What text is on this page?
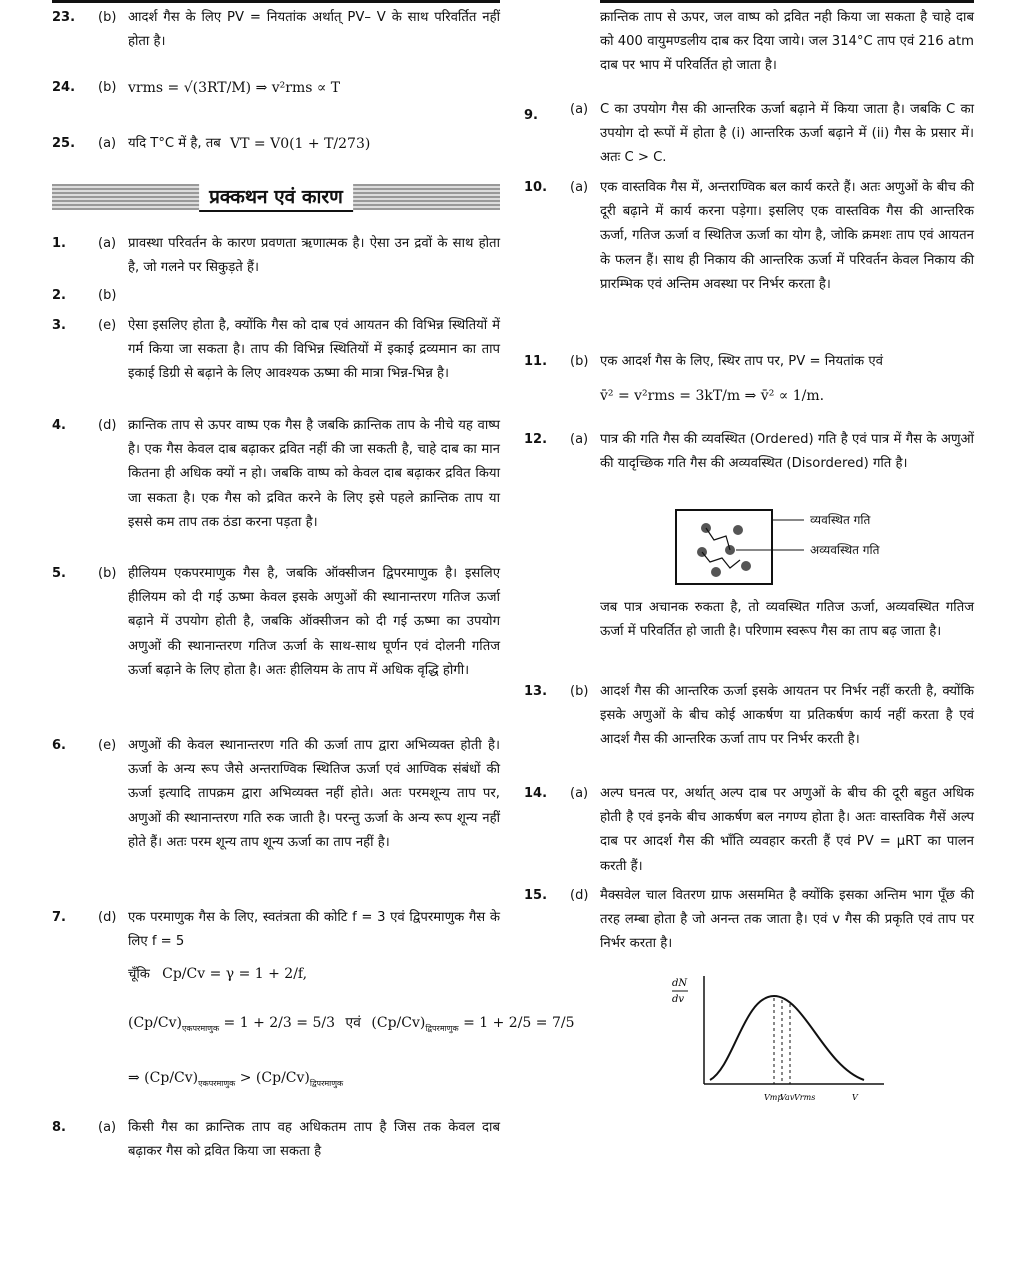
23. (b) आदर्श गैस के लिए PV = नियतांक अर्थात् PV– V के साथ परिवर्तित नहीं होता है।
24. (b) vrms = √(3RT/M) ⇒ v²rms ∝ T
25. (a) यदि T°C में है, तब VT = V0(1 + T/273)
प्रक्कथन एवं कारण
1. (a) प्रावस्था परिवर्तन के कारण प्रवणता ऋणात्मक है। ऐसा उन द्रवों के साथ होता है, जो गलने पर सिकुड़ते हैं।
2. (b)
3. (e) ऐसा इसलिए होता है, क्योंकि गैस को दाब एवं आयतन की विभिन्न स्थितियों में गर्म किया जा सकता है। ताप की विभिन्न स्थितियों में इकाई द्रव्यमान का ताप इकाई डिग्री से बढ़ाने के लिए आवश्यक ऊष्मा की मात्रा भिन्न-भिन्न है।
4. (d) क्रान्तिक ताप से ऊपर वाष्प एक गैस है जबकि क्रान्तिक ताप के नीचे यह वाष्प है। एक गैस केवल दाब बढ़ाकर द्रवित नहीं की जा सकती है, चाहे दाब का मान कितना ही अधिक क्यों न हो। जबकि वाष्प को केवल दाब बढ़ाकर द्रवित किया जा सकता है। एक गैस को द्रवित करने के लिए इसे पहले क्रान्तिक ताप या इससे कम ताप तक ठंडा करना पड़ता है।
5. (b) हीलियम एकपरमाणुक गैस है, जबकि ऑक्सीजन द्विपरमाणुक है। इसलिए हीलियम को दी गई ऊष्मा केवल इसके अणुओं की स्थानान्तरण गतिज ऊर्जा बढ़ाने में उपयोग होती है, जबकि ऑक्सीजन को दी गई ऊष्मा का उपयोग अणुओं की स्थानान्तरण गतिज ऊर्जा के साथ-साथ घूर्णन एवं दोलनी गतिज ऊर्जा बढ़ाने के लिए होता है। अतः हीलियम के ताप में अधिक वृद्धि होगी।
6. (e) अणुओं की केवल स्थानान्तरण गति की ऊर्जा ताप द्वारा अभिव्यक्त होती है। ऊर्जा के अन्य रूप जैसे अन्तराण्विक स्थितिज ऊर्जा एवं आण्विक संबंधों की ऊर्जा इत्यादि तापक्रम द्वारा अभिव्यक्त नहीं होते। अतः परमशून्य ताप पर, अणुओं की स्थानान्तरण गति रुक जाती है। परन्तु ऊर्जा के अन्य रूप शून्य नहीं होते हैं। अतः परम शून्य ताप शून्य ऊर्जा का ताप नहीं है।
7. (d) एक परमाणुक गैस के लिए, स्वतंत्रता की कोटि f = 3 एवं द्विपरमाणुक गैस के लिए f = 5
चूँकि Cp/Cv = γ = 1 + 2/f,
$(Cp/Cv)_{एकपरमाणुक} = 1 + 2/3 = 5/3$ एवं $(Cp/Cv)_{द्विपरमाणुक} = 1 + 2/5 = 7/5$
⇒ $(Cp/Cv)_{एकपरमाणुक} > (Cp/Cv)_{द्विपरमाणुक}$
8. (a) किसी गैस का क्रान्तिक ताप वह अधिकतम ताप है जिस तक केवल दाब बढ़ाकर गैस को द्रवित किया जा सकता है
क्रान्तिक ताप से ऊपर, जल वाष्प को द्रवित नही किया जा सकता है चाहे दाब को 400 वायुमण्डलीय दाब कर दिया जाये। जल 314°C ताप एवं 216 atm दाब पर भाप में परिवर्तित हो जाता है।
9. (a) C का उपयोग गैस की आन्तरिक ऊर्जा बढ़ाने में किया जाता है। जबकि C का उपयोग दो रूपों में होता है (i) आन्तरिक ऊर्जा बढ़ाने में (ii) गैस के प्रसार में। अतः C > C.
10. (a) एक वास्तविक गैस में, अन्तराण्विक बल कार्य करते हैं। अतः अणुओं के बीच की दूरी बढ़ाने में कार्य करना पड़ेगा। इसलिए एक वास्तविक गैस की आन्तरिक ऊर्जा, गतिज ऊर्जा व स्थितिज ऊर्जा का योग है, जोकि क्रमशः ताप एवं आयतन के फलन हैं। साथ ही निकाय की आन्तरिक ऊर्जा में परिवर्तन केवल निकाय की प्रारम्भिक एवं अन्तिम अवस्था पर निर्भर करता है।
11. (b) एक आदर्श गैस के लिए, स्थिर ताप पर, PV = नियतांक एवं
v̄² = v²rms = 3kT/m ⇒ v̄² ∝ 1/m.
12. (a) पात्र की गति गैस की व्यवस्थित (Ordered) गति है एवं पात्र में गैस के अणुओं की यादृच्छिक गति गैस की अव्यवस्थित (Disordered) गति है।
व्यवस्थित गति
अव्यवस्थित गति
जब पात्र अचानक रुकता है, तो व्यवस्थित गतिज ऊर्जा, अव्यवस्थित गतिज ऊर्जा में परिवर्तित हो जाती है। परिणाम स्वरूप गैस का ताप बढ़ जाता है।
13. (b) आदर्श गैस की आन्तरिक ऊर्जा इसके आयतन पर निर्भर नहीं करती है, क्योंकि इसके अणुओं के बीच कोई आकर्षण या प्रतिकर्षण कार्य नहीं करता है एवं आदर्श गैस की आन्तरिक ऊर्जा ताप पर निर्भर करती है।
14. (a) अल्प घनत्व पर, अर्थात् अल्प दाब पर अणुओं के बीच की दूरी बहुत अधिक होती है एवं इनके बीच आकर्षण बल नगण्य होता है। अतः वास्तविक गैसें अल्प दाब पर आदर्श गैस की भाँति व्यवहार करती हैं एवं PV = μRT का पालन करती हैं।
15. (d) मैक्सवेल चाल वितरण ग्राफ असममित है क्योंकि इसका अन्तिम भाग पूँछ की तरह लम्बा होता है जो अनन्त तक जाता है। एवं v गैस की प्रकृति एवं ताप पर निर्भर करता है।
dN
dv
Vmp
Vav Vrms	V
